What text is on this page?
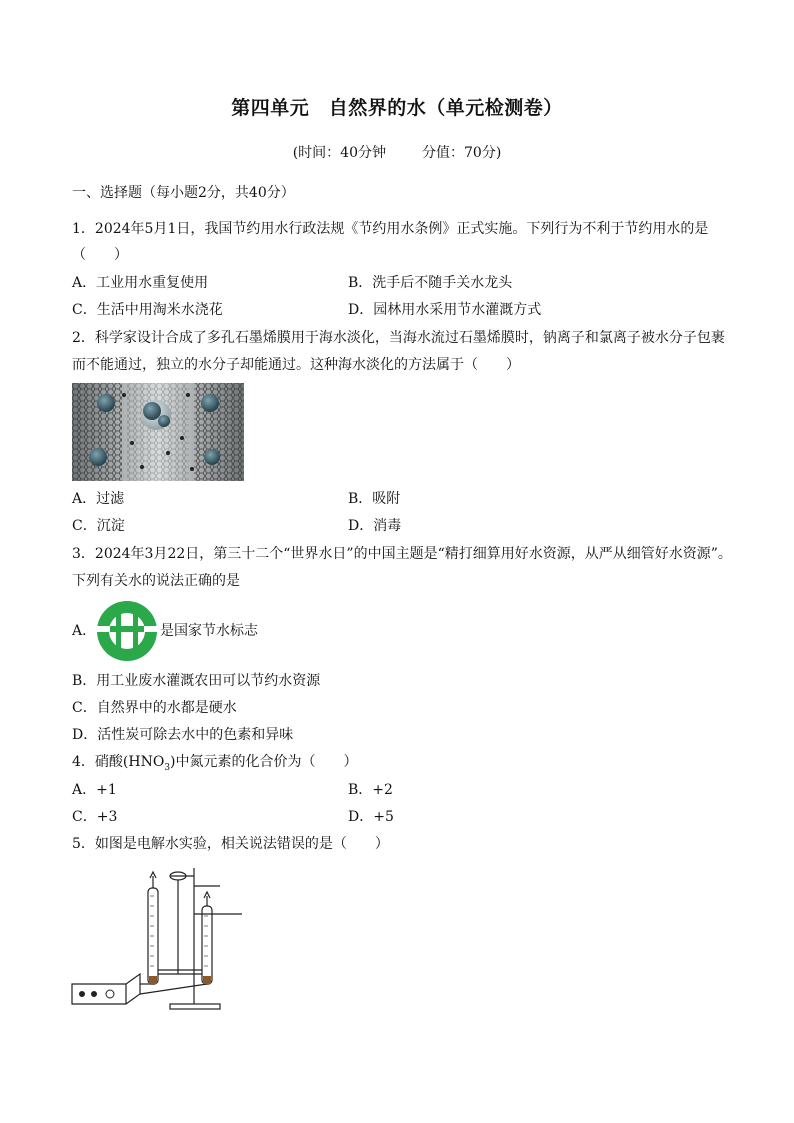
第四单元　自然界的水（单元检测卷）
(时间：40分钟	分值：70分)
一、选择题（每小题2分，共40分）
1．2024年5月1日，我国节约用水行政法规《节约用水条例》正式实施。下列行为不利于节约用水的是
（　　）
A．工业用水重复使用	B．洗手后不随手关水龙头
C．生活中用淘米水浇花	D．园林用水采用节水灌溉方式
2．科学家设计合成了多孔石墨烯膜用于海水淡化，当海水流过石墨烯膜时，钠离子和氯离子被水分子包裹
而不能通过，独立的水分子却能通过。这种海水淡化的方法属于（　　）
A．过滤	B．吸附
C．沉淀	D．消毒
3．2024年3月22日，第三十二个“世界水日”的中国主题是“精打细算用好水资源，从严从细管好水资源”。
下列有关水的说法正确的是
A．	是国家节水标志
B．用工业废水灌溉农田可以节约水资源
C．自然界中的水都是硬水
D．活性炭可除去水中的色素和异味
4．硝酸$(HNO_3)$中氮元素的化合价为（　　）
A．+1	B．+2
C．+3	D．+5
5．如图是电解水实验，相关说法错误的是（　　）
